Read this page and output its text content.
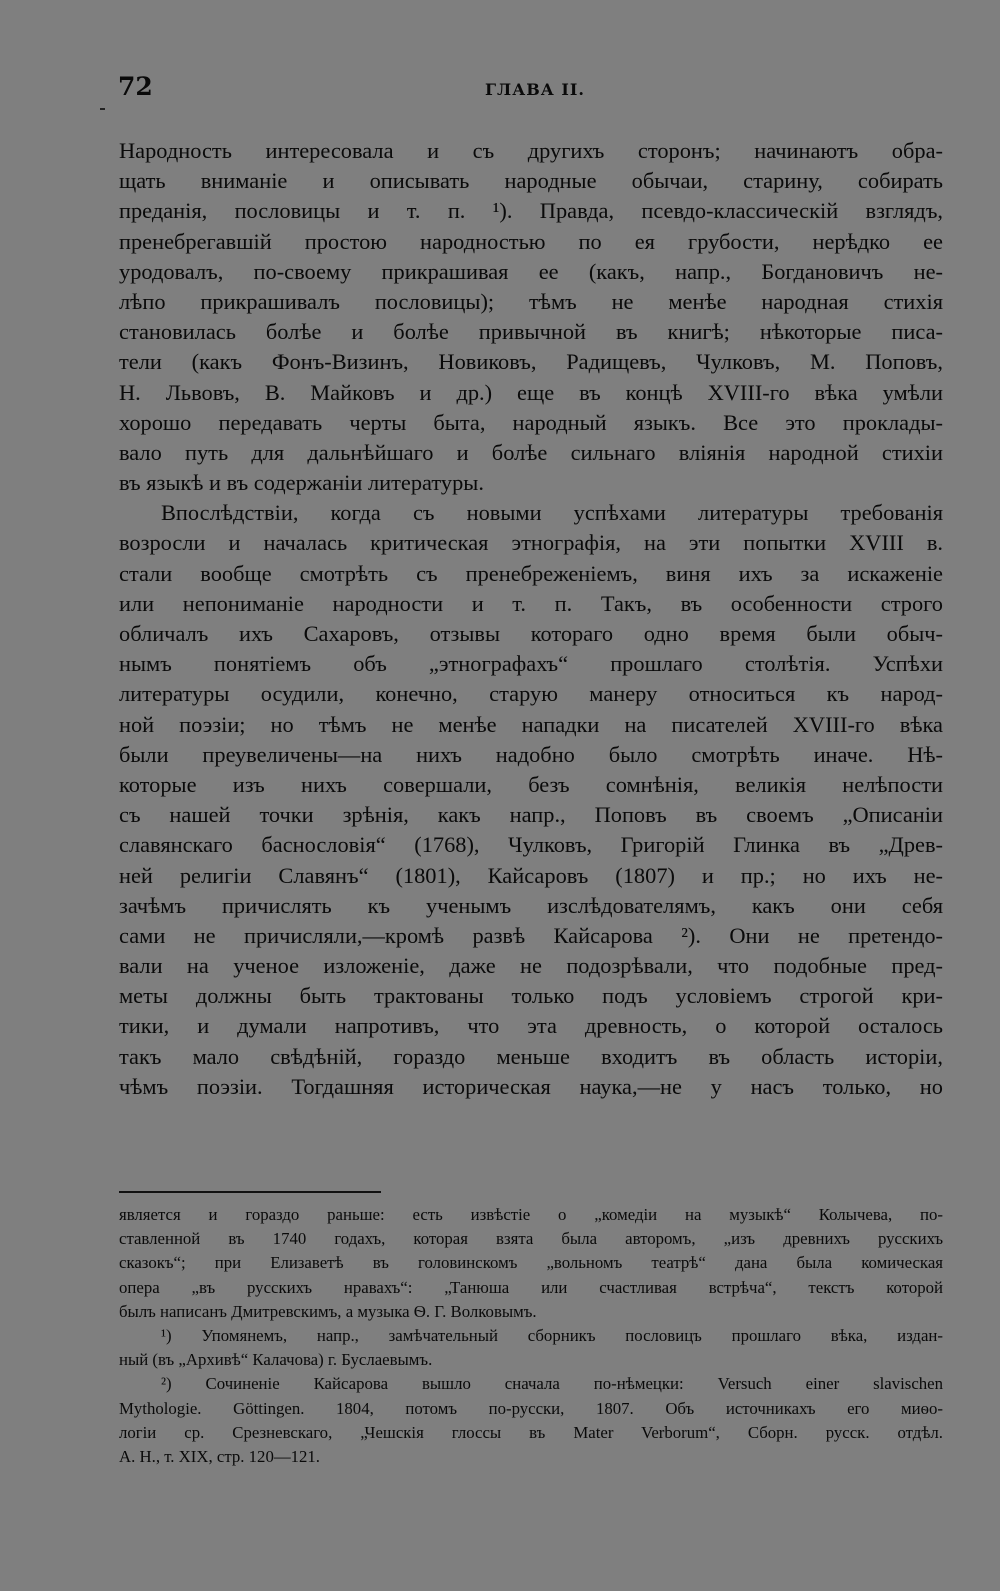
72	ГЛАВА II.
Народность интересовала и съ другихъ сторонъ; начинаютъ обра-
щать вниманіе и описывать народные обычаи, старину, собирать
преданія, пословицы и т. п. ¹). Правда, псевдо-классическій взглядъ,
пренебрегавшій простою народностью по ея грубости, нерѣдко ее
уродовалъ, по-своему прикрашивая ее (какъ, напр., Богдановичъ не-
лѣпо прикрашивалъ пословицы); тѣмъ не менѣе народная стихія
становилась болѣе и болѣе привычной въ книгѣ; нѣкоторые писа-
тели (какъ Фонъ-Визинъ, Новиковъ, Радищевъ, Чулковъ, М. Поповъ,
Н. Львовъ, В. Майковъ и др.) еще въ концѣ XVIII-го вѣка умѣли
хорошо передавать черты быта, народный языкъ. Все это проклады-
вало путь для дальнѣйшаго и болѣе сильнаго вліянія народной стихіи
въ языкѣ и въ содержаніи литературы.
Впослѣдствіи, когда съ новыми успѣхами литературы требованія
возросли и началась критическая этнографія, на эти попытки XVIII в.
стали вообще смотрѣть съ пренебреженіемъ, виня ихъ за искаженіе
или непониманіе народности и т. п. Такъ, въ особенности строго
обличалъ ихъ Сахаровъ, отзывы котораго одно время были обыч-
нымъ понятіемъ объ „этнографахъ“ прошлаго столѣтія. Успѣхи
литературы осудили, конечно, старую манеру относиться къ народ-
ной поэзіи; но тѣмъ не менѣе нападки на писателей XVIII-го вѣка
были преувеличены—на нихъ надобно было смотрѣть иначе. Нѣ-
которые изъ нихъ совершали, безъ сомнѣнія, великія нелѣпости
съ нашей точки зрѣнія, какъ напр., Поповъ въ своемъ „Описаніи
славянскаго баснословія“ (1768), Чулковъ, Григорій Глинка въ „Древ-
ней религіи Славянъ“ (1801), Кайсаровъ (1807) и пр.; но ихъ не-
зачѣмъ причислять къ ученымъ изслѣдователямъ, какъ они себя
сами не причисляли,—кромѣ развѣ Кайсарова ²). Они не претендо-
вали на ученое изложеніе, даже не подозрѣвали, что подобные пред-
меты должны быть трактованы только подъ условіемъ строгой кри-
тики, и думали напротивъ, что эта древность, о которой осталось
такъ мало свѣдѣній, гораздо меньше входитъ въ область исторіи,
чѣмъ поэзіи. Тогдашняя историческая наука,—не у насъ только, но
является и гораздо раньше: есть извѣстіе о „комедіи на музыкѣ“ Колычева, по-
ставленной въ 1740 годахъ, которая взята была авторомъ, „изъ древнихъ русскихъ
сказокъ“; при Елизаветѣ въ головинскомъ „вольномъ театрѣ“ дана была комическая
опера „въ русскихъ нравахъ“: „Танюша или счастливая встрѣча“, текстъ которой
былъ написанъ Дмитревскимъ, а музыка Ѳ. Г. Волковымъ.
¹) Упомянемъ, напр., замѣчательный сборникъ пословицъ прошлаго вѣка, издан-
ный (въ „Архивѣ“ Калачова) г. Буслаевымъ.
²) Сочиненіе Кайсарова вышло сначала по-нѣмецки: Versuch einer slavischen
Mythologie. Göttingen. 1804, потомъ по-русски, 1807. Объ источникахъ его миѳо-
логіи ср. Срезневскаго, „Чешскія глоссы въ Mater Verborum“, Сборн. русск. отдѣл.
А. Н., т. XIX, стр. 120—121.
